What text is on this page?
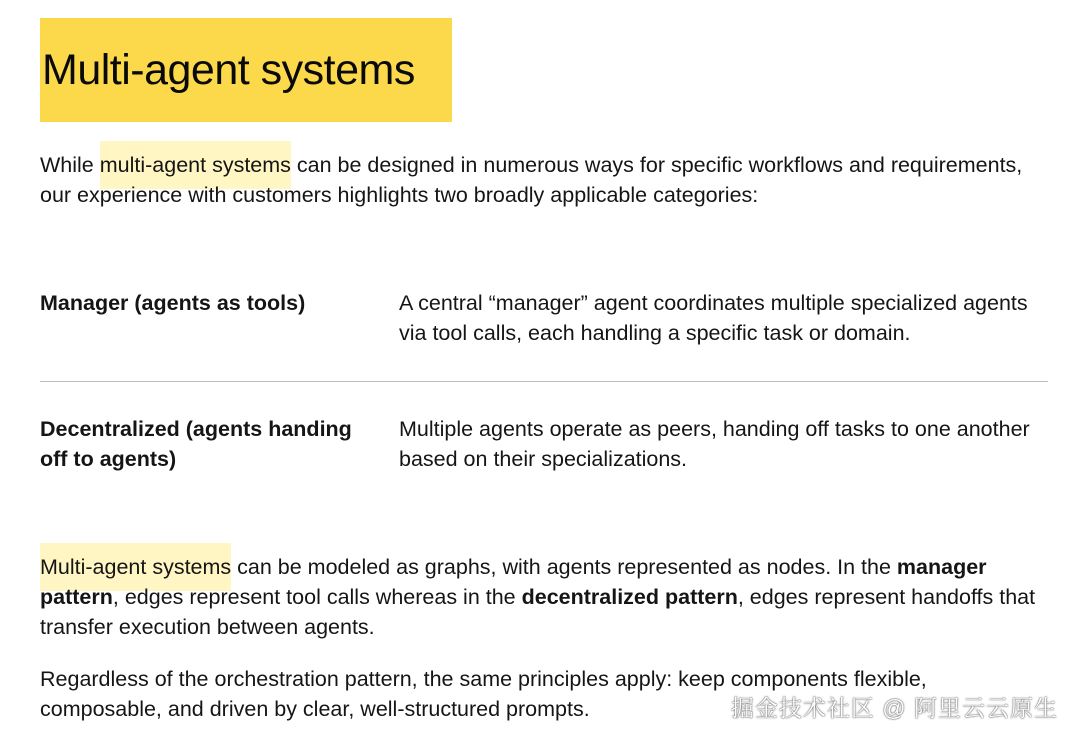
Multi-agent systems

While multi-agent systems can be designed in numerous ways for specific workflows and requirements, our experience with customers highlights two broadly applicable categories:

Manager (agents as tools)	A central “manager” agent coordinates multiple specialized agents via tool calls, each handling a specific task or domain.

Decentralized (agents handing off to agents)

Multiple agents operate as peers, handing off tasks to one another based on their specializations.

Multi-agent systems can be modeled as graphs, with agents represented as nodes. In the manager pattern, edges represent tool calls whereas in the decentralized pattern, edges represent handoffs that transfer execution between agents.

Regardless of the orchestration pattern, the same principles apply: keep components flexible, composable, and driven by clear, well-structured prompts.	掘金技术社区 @ 阿里云云原生
